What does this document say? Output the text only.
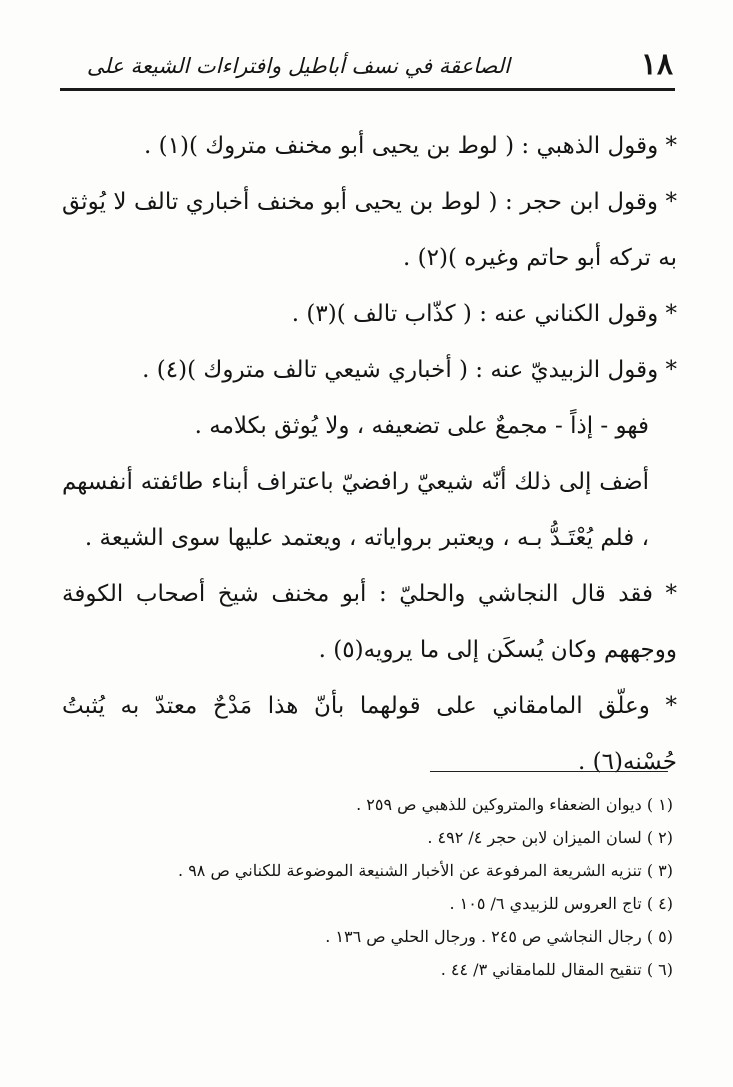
١٨
الصاعقة في نسف أباطيل وافتراءات الشيعة على

* وقول الذهبي : ( لوط بن يحيى أبو مخنف متروك )(١) .

* وقول ابن حجر : ( لوط بن يحيى أبو مخنف أخباري تالف لا يُوثق به تركه أبو حاتم وغيره )(٢) .

* وقول الكناني عنه : ( كذّاب تالف )(٣) .

* وقول الزبيديّ عنه : ( أخباري شيعي تالف متروك )(٤) .

فهو - إذاً - مجمعٌ على تضعيفه ، ولا يُوثق بكلامه .

أضف إلى ذلك أنّه شيعيّ رافضيّ باعتراف أبناء طائفته أنفسهم ، فلم يُعْتَـدُّ بـه ، ويعتبر برواياته ، ويعتمد عليها سوى الشيعة .

* فقد قال النجاشي والحليّ : أبو مخنف شيخ أصحاب الكوفة ووجههم وكان يُسكَن إلى ما يرويه(٥) .

* وعلّق المامقاني على قولهما بأنّ هذا مَدْحٌ معتدّ به يُثبتُ حُسْنه(٦) .

(١ ) ديوان الضعفاء والمتروكين للذهبي ص ٢٥٩ .

(٢ ) لسان الميزان لابن حجر ٤/ ٤٩٢ .

(٣ ) تنزيه الشريعة المرفوعة عن الأخبار الشنيعة الموضوعة للكناني ص ٩٨ .

(٤ ) تاج العروس للزبيدي ٦/ ١٠٥ .

(٥ ) رجال النجاشي ص ٢٤٥ . ورجال الحلي ص ١٣٦ .

(٦ ) تنقيح المقال للمامقاني ٣/ ٤٤ .
